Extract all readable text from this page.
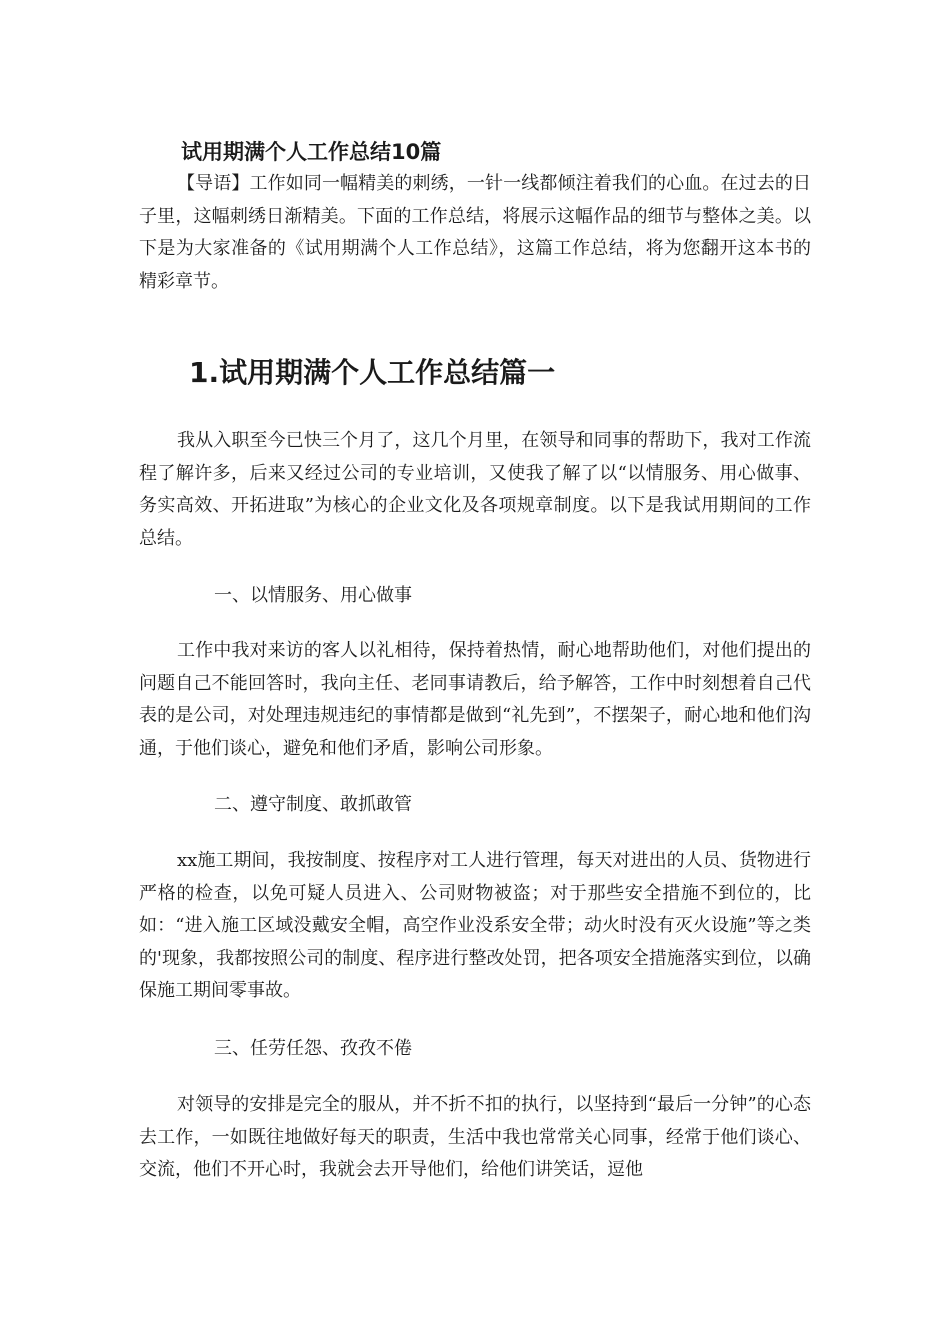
试用期满个人工作总结10篇

【导语】工作如同一幅精美的刺绣，一针一线都倾注着我们的心血。在过去的日子里，这幅刺绣日渐精美。下面的工作总结，将展示这幅作品的细节与整体之美。以下是为大家准备的《试用期满个人工作总结》，这篇工作总结，将为您翻开这本书的精彩章节。

1.试用期满个人工作总结篇一

我从入职至今已快三个月了，这几个月里，在领导和同事的帮助下，我对工作流程了解许多，后来又经过公司的专业培训，又使我了解了以“以情服务、用心做事、务实高效、开拓进取”为核心的企业文化及各项规章制度。以下是我试用期间的工作总结。

一、以情服务、用心做事

工作中我对来访的客人以礼相待，保持着热情，耐心地帮助他们，对他们提出的问题自己不能回答时，我向主任、老同事请教后，给予解答，工作中时刻想着自己代表的是公司，对处理违规违纪的事情都是做到“礼先到”，不摆架子，耐心地和他们沟通，于他们谈心，避免和他们矛盾，影响公司形象。

二、遵守制度、敢抓敢管

xx施工期间，我按制度、按程序对工人进行管理，每天对进出的人员、货物进行严格的检查，以免可疑人员进入、公司财物被盗；对于那些安全措施不到位的，比如：“进入施工区域没戴安全帽，高空作业没系安全带；动火时没有灭火设施”等之类的'现象，我都按照公司的制度、程序进行整改处罚，把各项安全措施落实到位，以确保施工期间零事故。

三、任劳任怨、孜孜不倦

对领导的安排是完全的服从，并不折不扣的执行，以坚持到“最后一分钟”的心态去工作，一如既往地做好每天的职责，生活中我也常常关心同事，经常于他们谈心、交流，他们不开心时，我就会去开导他们，给他们讲笑话，逗他
